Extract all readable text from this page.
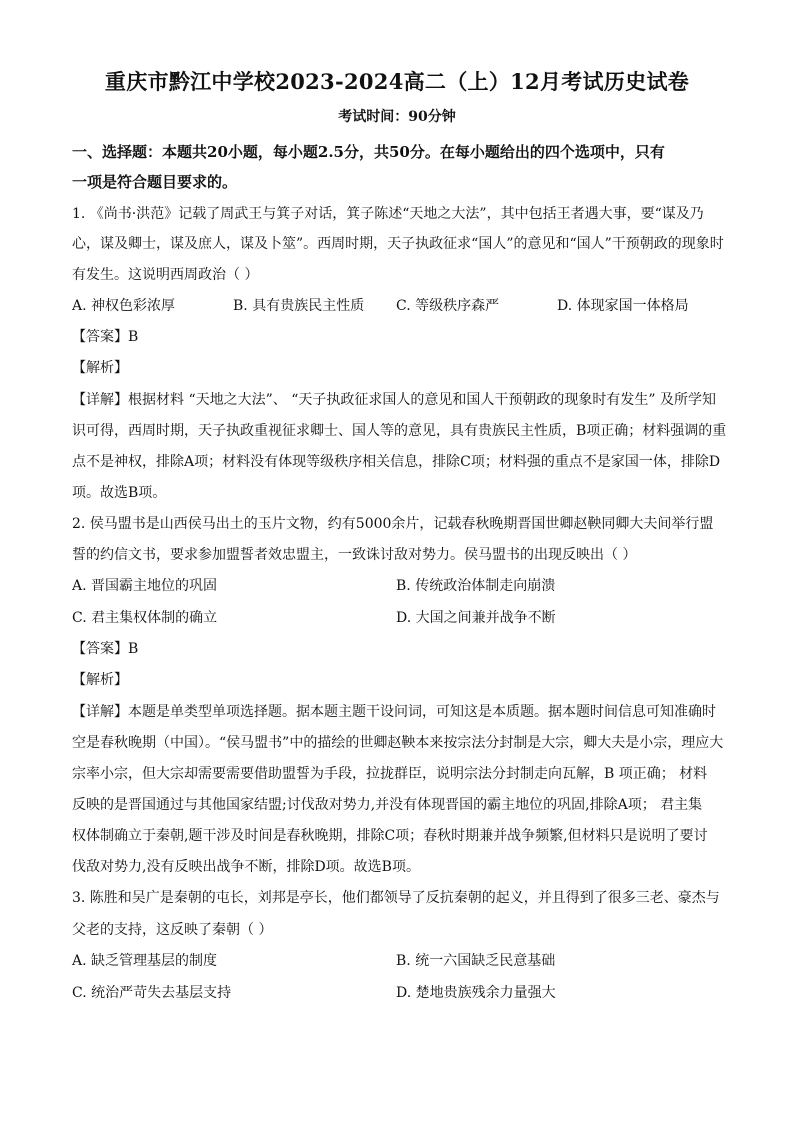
重庆市黔江中学校2023-2024高二（上）12月考试历史试卷
考试时间：90分钟
一、选择题：本题共20小题，每小题2.5分，共50分。在每小题给出的四个选项中，只有
一项是符合题目要求的。
1. 《尚书·洪范》记载了周武王与箕子对话，箕子陈述“天地之大法”，其中包括王者遇大事，要“谋及乃
心，谋及卿士，谋及庶人，谋及卜筮”。西周时期，天子执政征求“国人”的意见和“国人”干预朝政的现象时
有发生。这说明西周政治（ ）
A. 神权色彩浓厚	B. 具有贵族民主性质 C. 等级秩序森严	D. 体现家国一体格局
【答案】B
【解析】
【详解】根据材料 “天地之大法”、 “天子执政征求国人的意见和国人干预朝政的现象时有发生” 及所学知
识可得，西周时期，天子执政重视征求卿士、国人等的意见，具有贵族民主性质，B项正确；材料强调的重
点不是神权，排除A项；材料没有体现等级秩序相关信息，排除C项；材料强的重点不是家国一体，排除D
项。故选B项。
2. 侯马盟书是山西侯马出土的玉片文物，约有5000余片，记载春秋晚期晋国世卿赵鞅同卿大夫间举行盟
誓的约信文书，要求参加盟誓者效忠盟主，一致诛讨敌对势力。侯马盟书的出现反映出（ ）
A. 晋国霸主地位的巩固	B. 传统政治体制走向崩溃
C. 君主集权体制的确立	D. 大国之间兼并战争不断
【答案】B
【解析】
【详解】本题是单类型单项选择题。据本题主题干设问词，可知这是本质题。据本题时间信息可知准确时
空是春秋晚期（中国）。“侯马盟书”中的描绘的世卿赵鞅本来按宗法分封制是大宗，卿大夫是小宗，理应大
宗率小宗，但大宗却需要需要借助盟誓为手段，拉拢群臣，说明宗法分封制走向瓦解，B 项正确； 材料
反映的是晋国通过与其他国家结盟;讨伐敌对势力,并没有体现晋国的霸主地位的巩固,排除A项； 君主集
权体制确立于秦朝,题干涉及时间是春秋晚期，排除C项；春秋时期兼并战争频繁,但材料只是说明了要讨
伐敌对势力,没有反映出战争不断，排除D项。故选B项。
3. 陈胜和吴广是秦朝的屯长，刘邦是亭长，他们都领导了反抗秦朝的起义，并且得到了很多三老、豪杰与
父老的支持，这反映了秦朝（ ）
A. 缺乏管理基层的制度	B. 统一六国缺乏民意基础
C. 统治严苛失去基层支持	D. 楚地贵族残余力量强大
